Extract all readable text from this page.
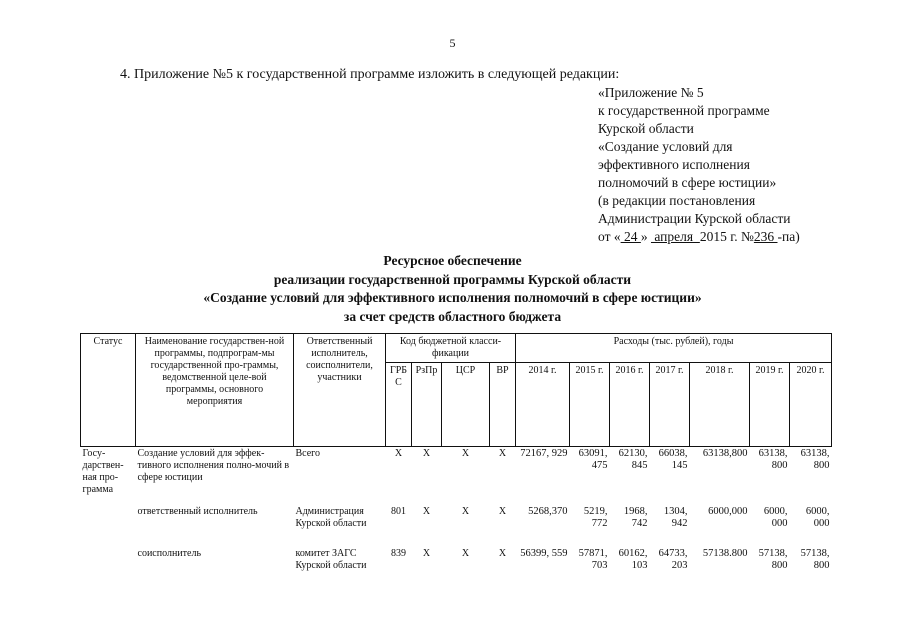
5
4. Приложение №5 к государственной программе изложить в следующей редакции:
«Приложение № 5
к государственной программе
Курской области
«Создание условий для
эффективного исполнения
полномочий в сфере юстиции»
(в редакции постановления
Администрации Курской области
от « 24 »  апреля  2015 г. №236 -па)
Ресурсное обеспечение
реализации государственной программы Курской области
«Создание условий для эффективного исполнения полномочий в сфере юстиции»
за счет средств областного бюджета
Статус	Наименование государствен-ной программы, подпрограм-мы государственной про-граммы, ведомственной целе-вой программы, основного мероприятия	Ответственный исполнитель, соисполнители, участники	Код бюджетной класси-фикации				Расходы (тыс. рублей), годы						
			ГРБ С	РзПр	ЦСР	ВР	2014 г.	2015 г.	2016 г.	2017 г.	2018 г.	2019 г.	2020 г.
Госу-дарствен-ная про-грамма	Создание условий для эффек-тивного исполнения полно-мочий в сфере юстиции	Всего	Х	Х	Х	Х	72167, 929	63091, 475	62130, 845	66038, 145	63138,800	63138, 800	63138, 800
	ответственный исполнитель	Администрация Курской области	801	Х	Х	Х	5268,370	5219, 772	1968, 742	1304, 942	6000,000	6000, 000	6000, 000
	соисполнитель	комитет ЗАГС Курской области	839	Х	Х	Х	56399, 559	57871, 703	60162, 103	64733, 203	57138.800	57138, 800	57138, 800
